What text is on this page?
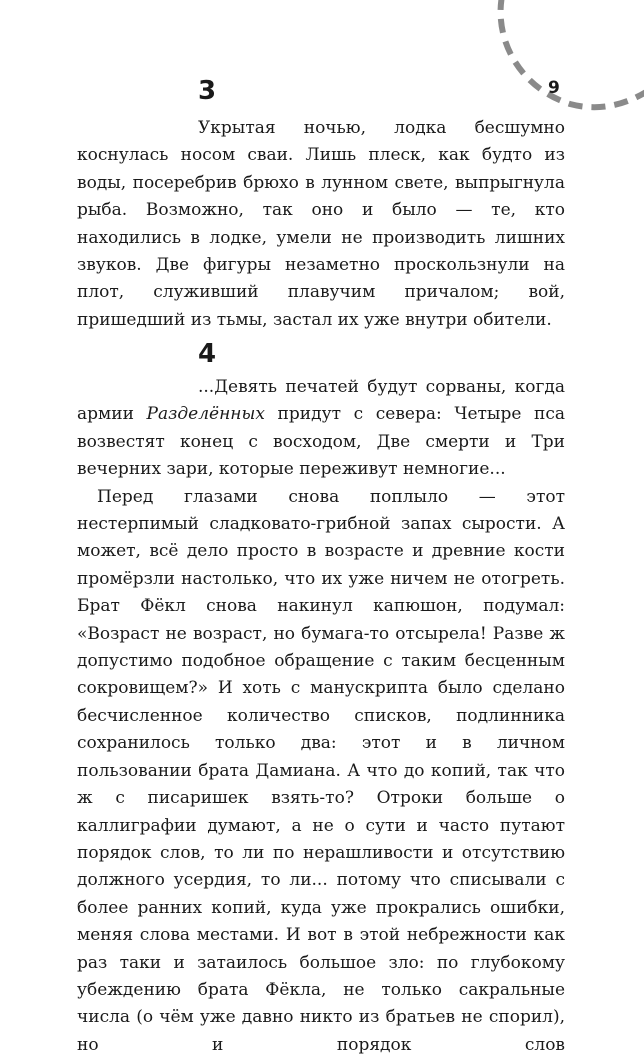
9
3

Укрытая ночью, лодка бесшумно коснулась носом сваи. Лишь плеск, как будто из воды, посеребрив брюхо в лунном свете, выпрыгнула рыба. Возможно, так оно и было — те, кто находились в лодке, умели не производить лишних звуков. Две фигуры незаметно проскользнули на плот, служивший плавучим причалом; вой, пришедший из тьмы, застал их уже внутри обители.

4

...Девять печатей будут сорваны, когда армии Разделённых придут с севера: Четыре пса возвестят конец с восходом, Две смерти и Три вечерних зари, которые переживут немногие...

Перед глазами снова поплыло — этот нестерпимый сладковато-грибной запах сырости. А может, всё дело просто в возрасте и древние кости промёрзли настолько, что их уже ничем не отогреть. Брат Фёкл снова накинул капюшон, подумал: «Возраст не возраст, но бумага-то отсырела! Разве ж допустимо подобное обращение с таким бесценным сокровищем?» И хоть с манускрипта было сделано бесчисленное количество списков, подлинника сохранилось только два: этот и в личном пользовании брата Дамиана. А что до копий, так что ж с писаришек взять-то? Отроки больше о каллиграфии думают, а не о сути и часто путают порядок слов, то ли по нерашливости и отсутствию должного усердия, то ли... потому что списывали с более ранних копий, куда уже прокрались ошибки, меняя слова местами. И вот в этой небрежности как раз таки и затаилось большое зло: по глубокому убеждению брата Фёкла, не только сакральные числа (о чём уже давно никто из братьев не спорил), но и порядок слов
